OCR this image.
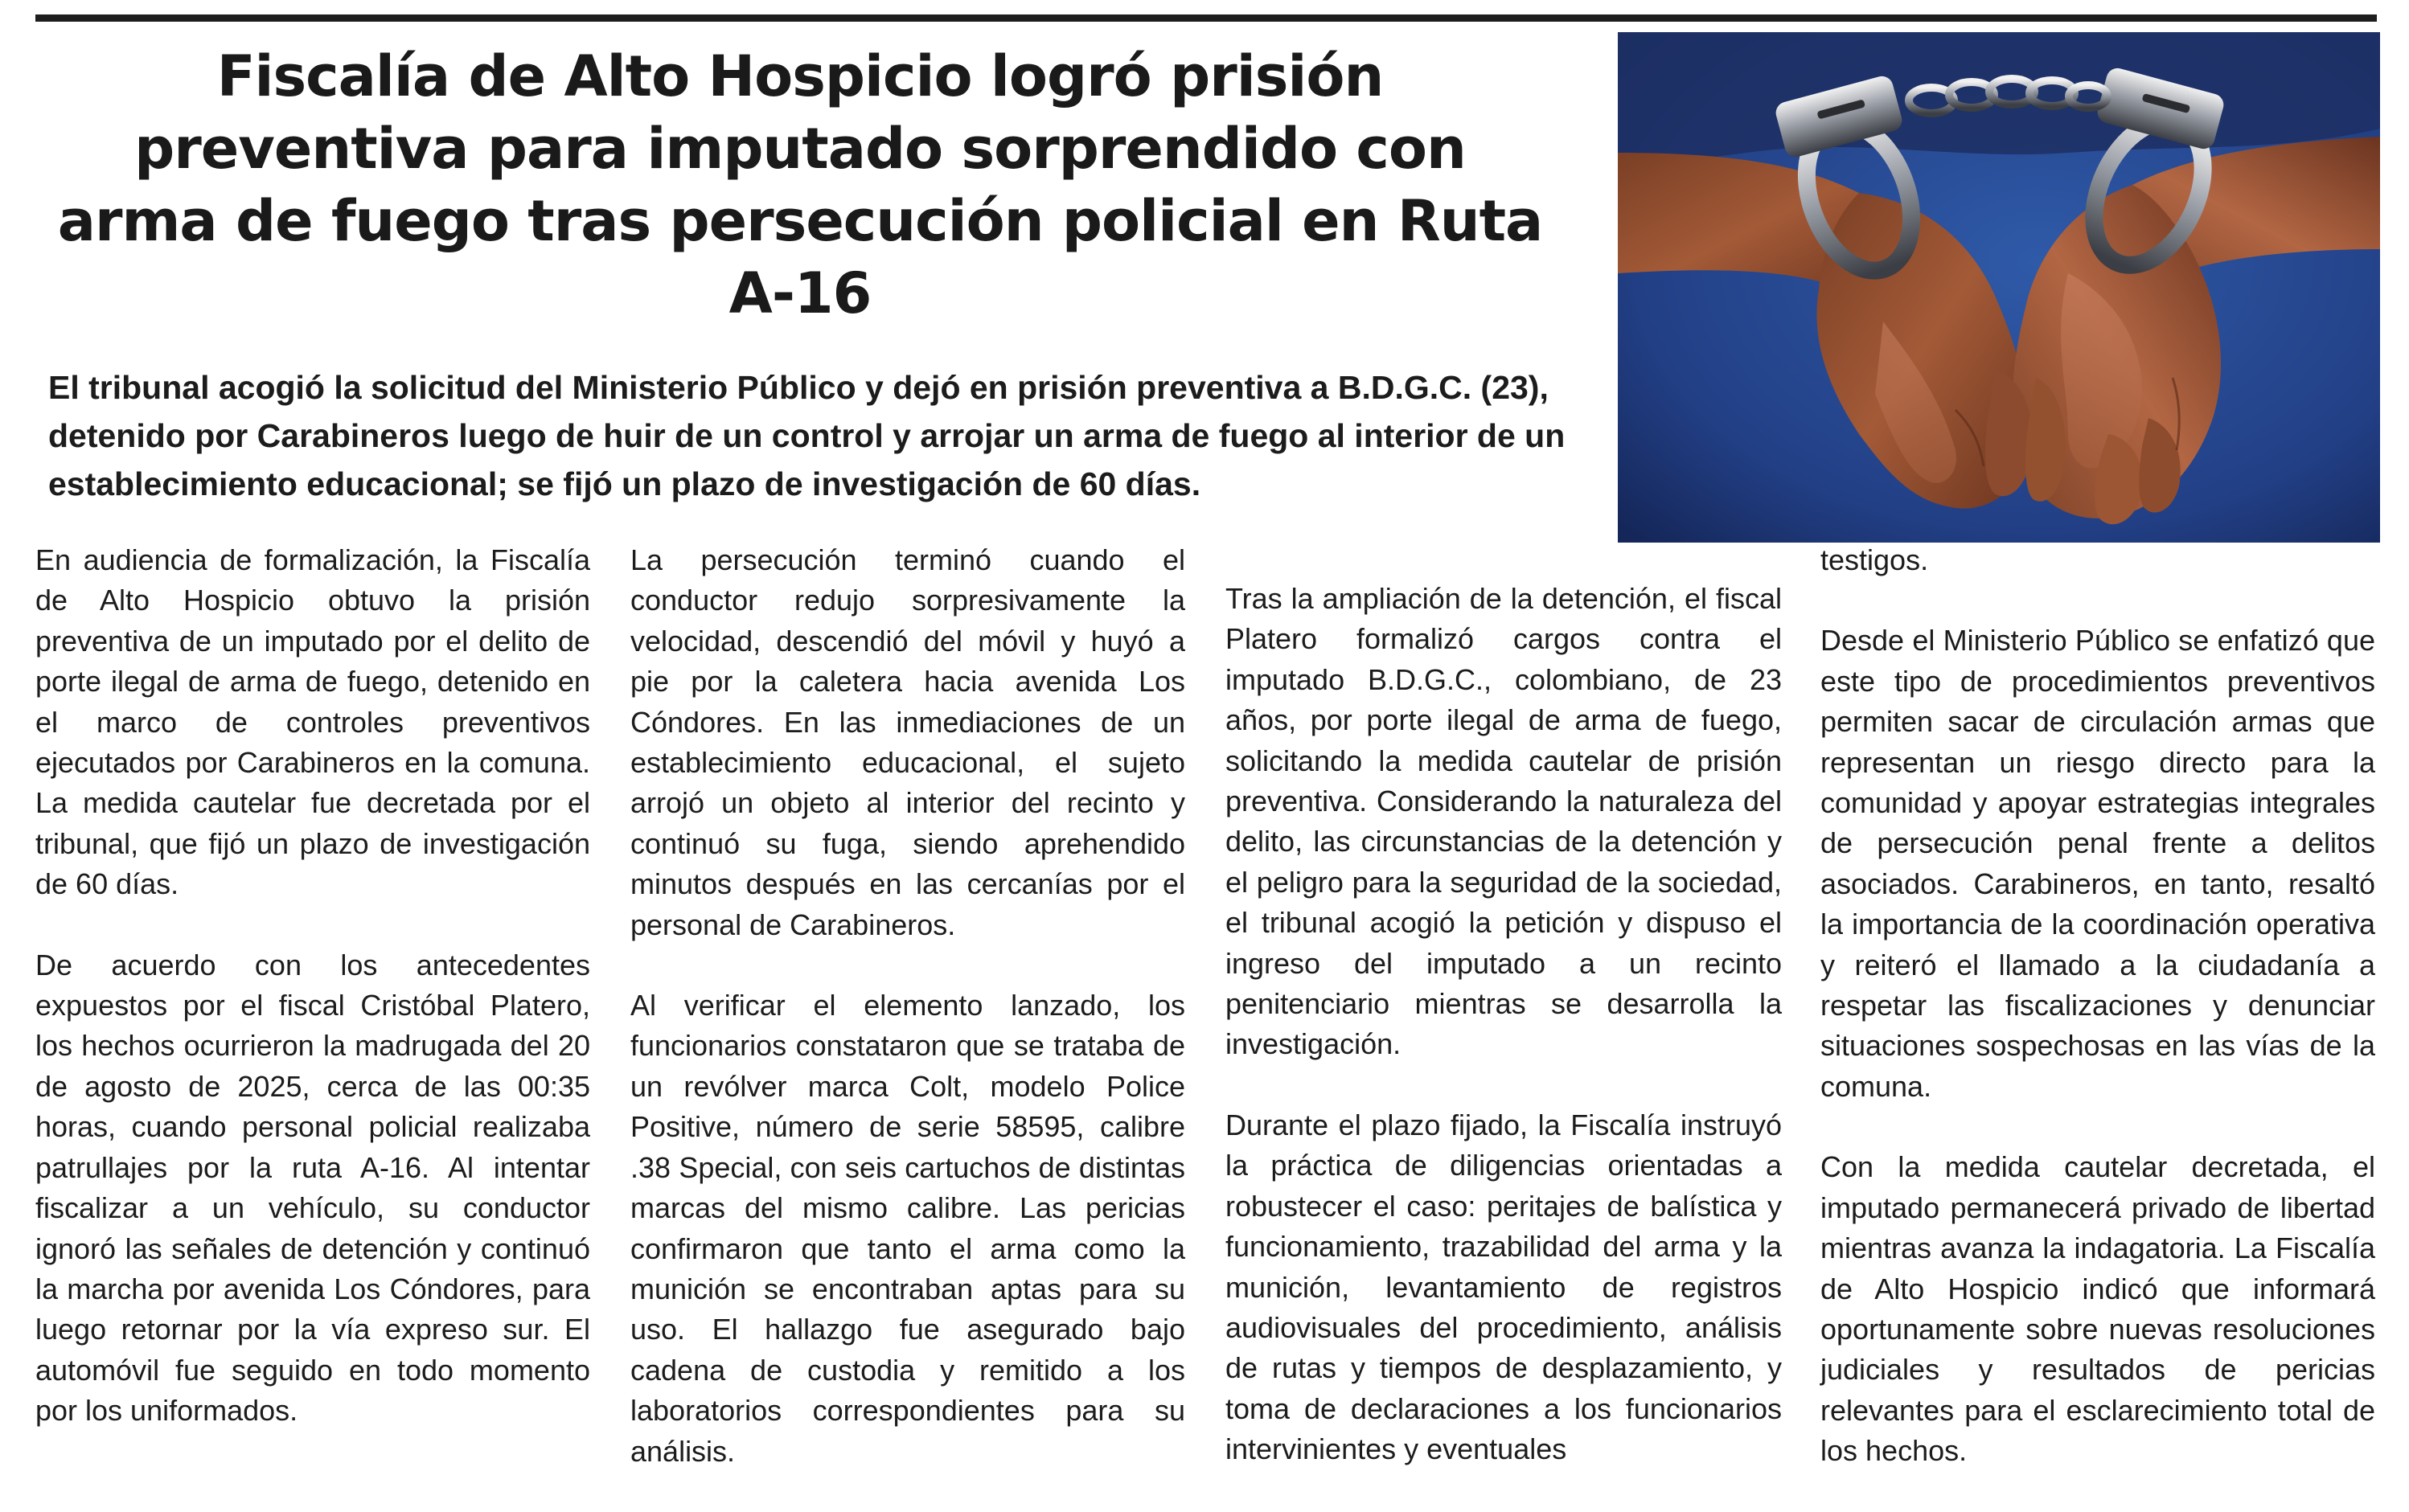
Fiscalía de Alto Hospicio logró prisión preventiva para imputado sorprendido con arma de fuego tras persecución policial en Ruta A-16

El tribunal acogió la solicitud del Ministerio Público y dejó en prisión preventiva a B.D.G.C. (23), detenido por Carabineros luego de huir de un control y arrojar un arma de fuego al interior de un establecimiento educacional; se fijó un plazo de investigación de 60 días.

En audiencia de formalización, la Fiscalía de Alto Hospicio obtuvo la prisión preventiva de un imputado por el delito de porte ilegal de arma de fuego, detenido en el marco de controles preventivos ejecutados por Carabineros en la comuna. La medida cautelar fue decretada por el tribunal, que fijó un plazo de investigación de 60 días.

De acuerdo con los antecedentes expuestos por el fiscal Cristóbal Platero, los hechos ocurrieron la madrugada del 20 de agosto de 2025, cerca de las 00:35 horas, cuando personal policial realizaba patrullajes por la ruta A-16. Al intentar fiscalizar a un vehículo, su conductor ignoró las señales de detención y continuó la marcha por avenida Los Cóndores, para luego retornar por la vía expreso sur. El automóvil fue seguido en todo momento por los uniformados.

La persecución terminó cuando el conductor redujo sorpresivamente la velocidad, descendió del móvil y huyó a pie por la caletera hacia avenida Los Cóndores. En las inmediaciones de un establecimiento educacional, el sujeto arrojó un objeto al interior del recinto y continuó su fuga, siendo aprehendido minutos después en las cercanías por el personal de Carabineros.

Al verificar el elemento lanzado, los funcionarios constataron que se trataba de un revólver marca Colt, modelo Police Positive, número de serie 58595, calibre .38 Special, con seis cartuchos de distintas marcas del mismo calibre. Las pericias confirmaron que tanto el arma como la munición se encontraban aptas para su uso. El hallazgo fue asegurado bajo cadena de custodia y remitido a los laboratorios correspondientes para su análisis.

Tras la ampliación de la detención, el fiscal Platero formalizó cargos contra el imputado B.D.G.C., colombiano, de 23 años, por porte ilegal de arma de fuego, solicitando la medida cautelar de prisión preventiva. Considerando la naturaleza del delito, las circunstancias de la detención y el peligro para la seguridad de la sociedad, el tribunal acogió la petición y dispuso el ingreso del imputado a un recinto penitenciario mientras se desarrolla la investigación.

Durante el plazo fijado, la Fiscalía instruyó la práctica de diligencias orientadas a robustecer el caso: peritajes de balística y funcionamiento, trazabilidad del arma y la munición, levantamiento de registros audiovisuales del procedimiento, análisis de rutas y tiempos de desplazamiento, y toma de declaraciones a los funcionarios intervinientes y eventuales

testigos.

Desde el Ministerio Público se enfatizó que este tipo de procedimientos preventivos permiten sacar de circulación armas que representan un riesgo directo para la comunidad y apoyar estrategias integrales de persecución penal frente a delitos asociados. Carabineros, en tanto, resaltó la importancia de la coordinación operativa y reiteró el llamado a la ciudadanía a respetar las fiscalizaciones y denunciar situaciones sospechosas en las vías de la comuna.

Con la medida cautelar decretada, el imputado permanecerá privado de libertad mientras avanza la indagatoria. La Fiscalía de Alto Hospicio indicó que informará oportunamente sobre nuevas resoluciones judiciales y resultados de pericias relevantes para el esclarecimiento total de los hechos.
